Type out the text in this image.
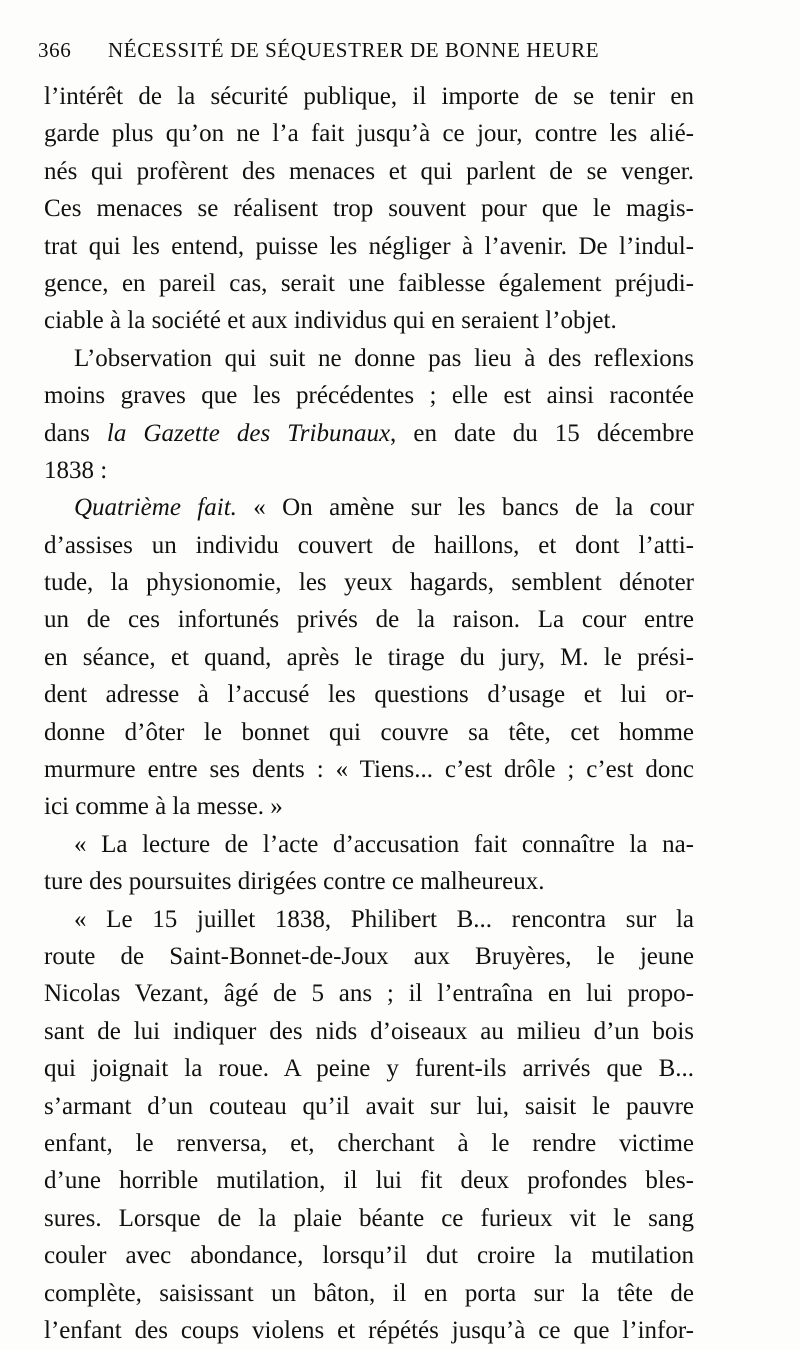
366 NÉCESSITÉ DE SÉQUESTRER DE BONNE HEURE
l’intérêt de la sécurité publique, il importe de se tenir en
garde plus qu’on ne l’a fait jusqu’à ce jour, contre les alié-
nés qui profèrent des menaces et qui parlent de se venger.
Ces menaces se réalisent trop souvent pour que le magis-
trat qui les entend, puisse les négliger à l’avenir. De l’indul-
gence, en pareil cas, serait une faiblesse également préjudi-
ciable à la société et aux individus qui en seraient l’objet.
L’observation qui suit ne donne pas lieu à des reflexions
moins graves que les précédentes ; elle est ainsi racontée
dans la Gazette des Tribunaux, en date du 15 décembre
1838 :
Quatrième fait. « On amène sur les bancs de la cour
d’assises un individu couvert de haillons, et dont l’atti-
tude, la physionomie, les yeux hagards, semblent dénoter
un de ces infortunés privés de la raison. La cour entre
en séance, et quand, après le tirage du jury, M. le prési-
dent adresse à l’accusé les questions d’usage et lui or-
donne d’ôter le bonnet qui couvre sa tête, cet homme
murmure entre ses dents : « Tiens... c’est drôle ; c’est donc
ici comme à la messe. »
« La lecture de l’acte d’accusation fait connaître la na-
ture des poursuites dirigées contre ce malheureux.
« Le 15 juillet 1838, Philibert B... rencontra sur la
route de Saint-Bonnet-de-Joux aux Bruyères, le jeune
Nicolas Vezant, âgé de 5 ans ; il l’entraîna en lui propo-
sant de lui indiquer des nids d’oiseaux au milieu d’un bois
qui joignait la roue. A peine y furent-ils arrivés que B...
s’armant d’un couteau qu’il avait sur lui, saisit le pauvre
enfant, le renversa, et, cherchant à le rendre victime
d’une horrible mutilation, il lui fit deux profondes bles-
sures. Lorsque de la plaie béante ce furieux vit le sang
couler avec abondance, lorsqu’il dut croire la mutilation
complète, saisissant un bâton, il en porta sur la tête de
l’enfant des coups violens et répétés jusqu’à ce que l’infor-
